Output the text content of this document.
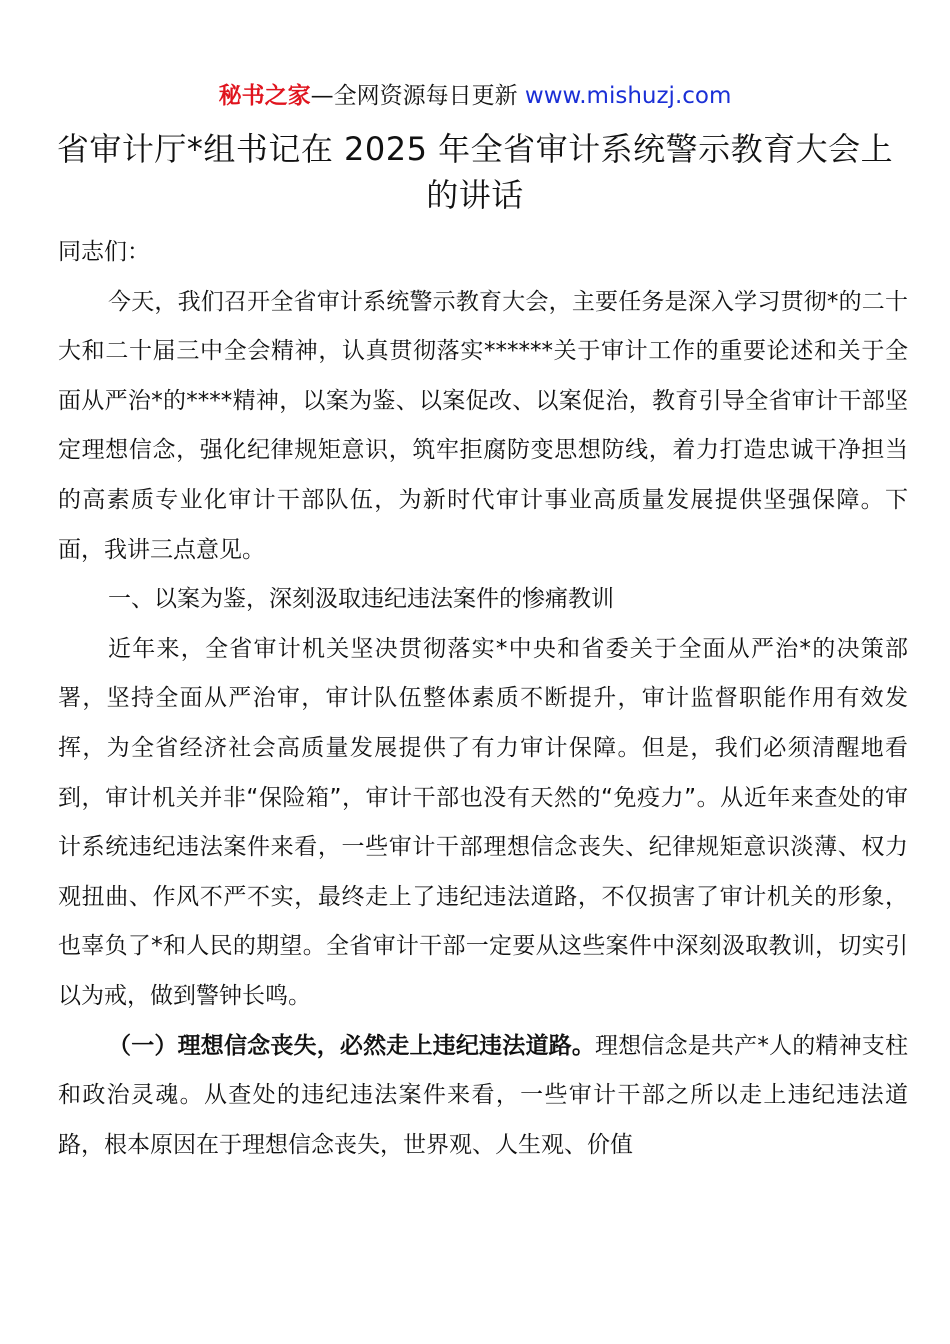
秘书之家—全网资源每日更新 www.mishuzj.com
省审计厅*组书记在 2025 年全省审计系统警示教育大会上的讲话

同志们：

今天，我们召开全省审计系统警示教育大会，主要任务是深入学习贯彻*的二十大和二十届三中全会精神，认真贯彻落实******关于审计工作的重要论述和关于全面从严治*的****精神，以案为鉴、以案促改、以案促治，教育引导全省审计干部坚定理想信念，强化纪律规矩意识，筑牢拒腐防变思想防线，着力打造忠诚干净担当的高素质专业化审计干部队伍，为新时代审计事业高质量发展提供坚强保障。下面，我讲三点意见。

一、以案为鉴，深刻汲取违纪违法案件的惨痛教训

近年来，全省审计机关坚决贯彻落实*中央和省委关于全面从严治*的决策部署，坚持全面从严治审，审计队伍整体素质不断提升，审计监督职能作用有效发挥，为全省经济社会高质量发展提供了有力审计保障。但是，我们必须清醒地看到，审计机关并非“保险箱”，审计干部也没有天然的“免疫力”。从近年来查处的审计系统违纪违法案件来看，一些审计干部理想信念丧失、纪律规矩意识淡薄、权力观扭曲、作风不严不实，最终走上了违纪违法道路，不仅损害了审计机关的形象，也辜负了*和人民的期望。全省审计干部一定要从这些案件中深刻汲取教训，切实引以为戒，做到警钟长鸣。

（一）理想信念丧失，必然走上违纪违法道路。理想信念是共产*人的精神支柱和政治灵魂。从查处的违纪违法案件来看，一些审计干部之所以走上违纪违法道路，根本原因在于理想信念丧失，世界观、人生观、价值
